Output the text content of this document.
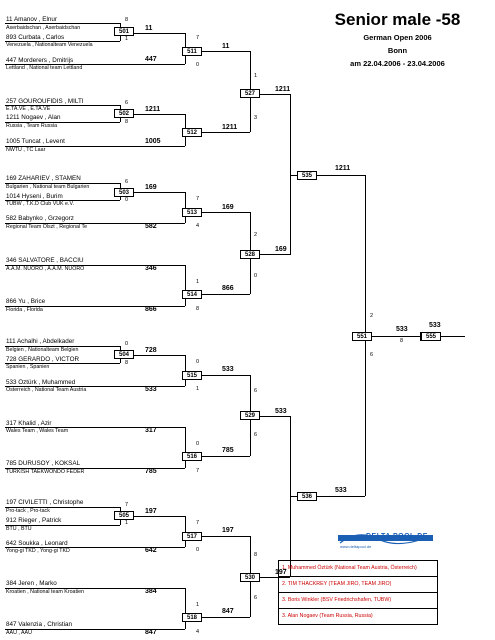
Senior male -58
German Open 2006
Bonn
am 22.04.2006 - 23.04.2006
11 Amanov , Elnur
Aserbaidschan , Aserbaidschan
893 Curbata , Carlos
Venezuela , Nationalteam Venezuela
447 Morderers , Dmitrijs
Lettland , National team Lettland
257 GOUROUFIDIS , MILTI
E.TA.VE , E.TA.VE
1211 Nogaev , Alan
Russia , Team Russia
1005 Tuncat , Levent
NWTU , TC Laar
169 ZAHARIEV , STAMEN
Bulgarien , National team Bulgarien
1014 Hyseni , Burim
TUBW , T.K.D Club VUK e.V.
582 Babynko , Grzegorz
Regional Team Olszt , Regional Te
346 SALVATORE , BACCIU
A.A.M. NUORO , A.A.M. NUORO
866 Yu , Brice
Florida , Florida
111 Achalhi , Abdelkader
Belgien , Nationalteam Belgien
728 GERARDO , VICTOR
Spanien , Spanien
533 Öztürk , Muhammed
Österreich , National Team Austria
317 Khalid , Azir
Wales Team , Wales Team
785 DURUSOY , KOKSAL
TURKISH TAEKWONDO FEDER
197 CIVILETTI , Christophe
Pro-tack , Pro-tack
912 Rieger , Patrick
BTU , BTU
642 Soukka , Leonard
Yong-gi TKD , Yong-gi TKD
384 Jeren , Marko
Kroatien , National team Kroatien
847 Valenzia , Christian
AAU , AAU
501
8
1
11
502
6
8
1211
503
6
0
169
504
0
8
728
505
7
1
197
511
7
0
447
11
512
1005
1211
513
7
4
582
169
514
1
8
346
866
866
515
0
1
533
533
516
0
7
317
785
785
517
7
0
642
197
518
1
4
384
847
847
527
1
3
1211
528
2
0
169
529
6
6
533
530
8
6
197
535
1211
536
533
551
2
6
533
8
555
533
DELTA POOL.DE
www.deltapool.de
1. Muhammed Öztürk (National Team Austria, Österreich)
2. TIM THACKREY (TEAM JIRO, TEAM JIRO)
3. Boris Winkler (BSV Friedrichshafen, TUBW)
3. Alan Nogaev (Team Russia, Russia)
